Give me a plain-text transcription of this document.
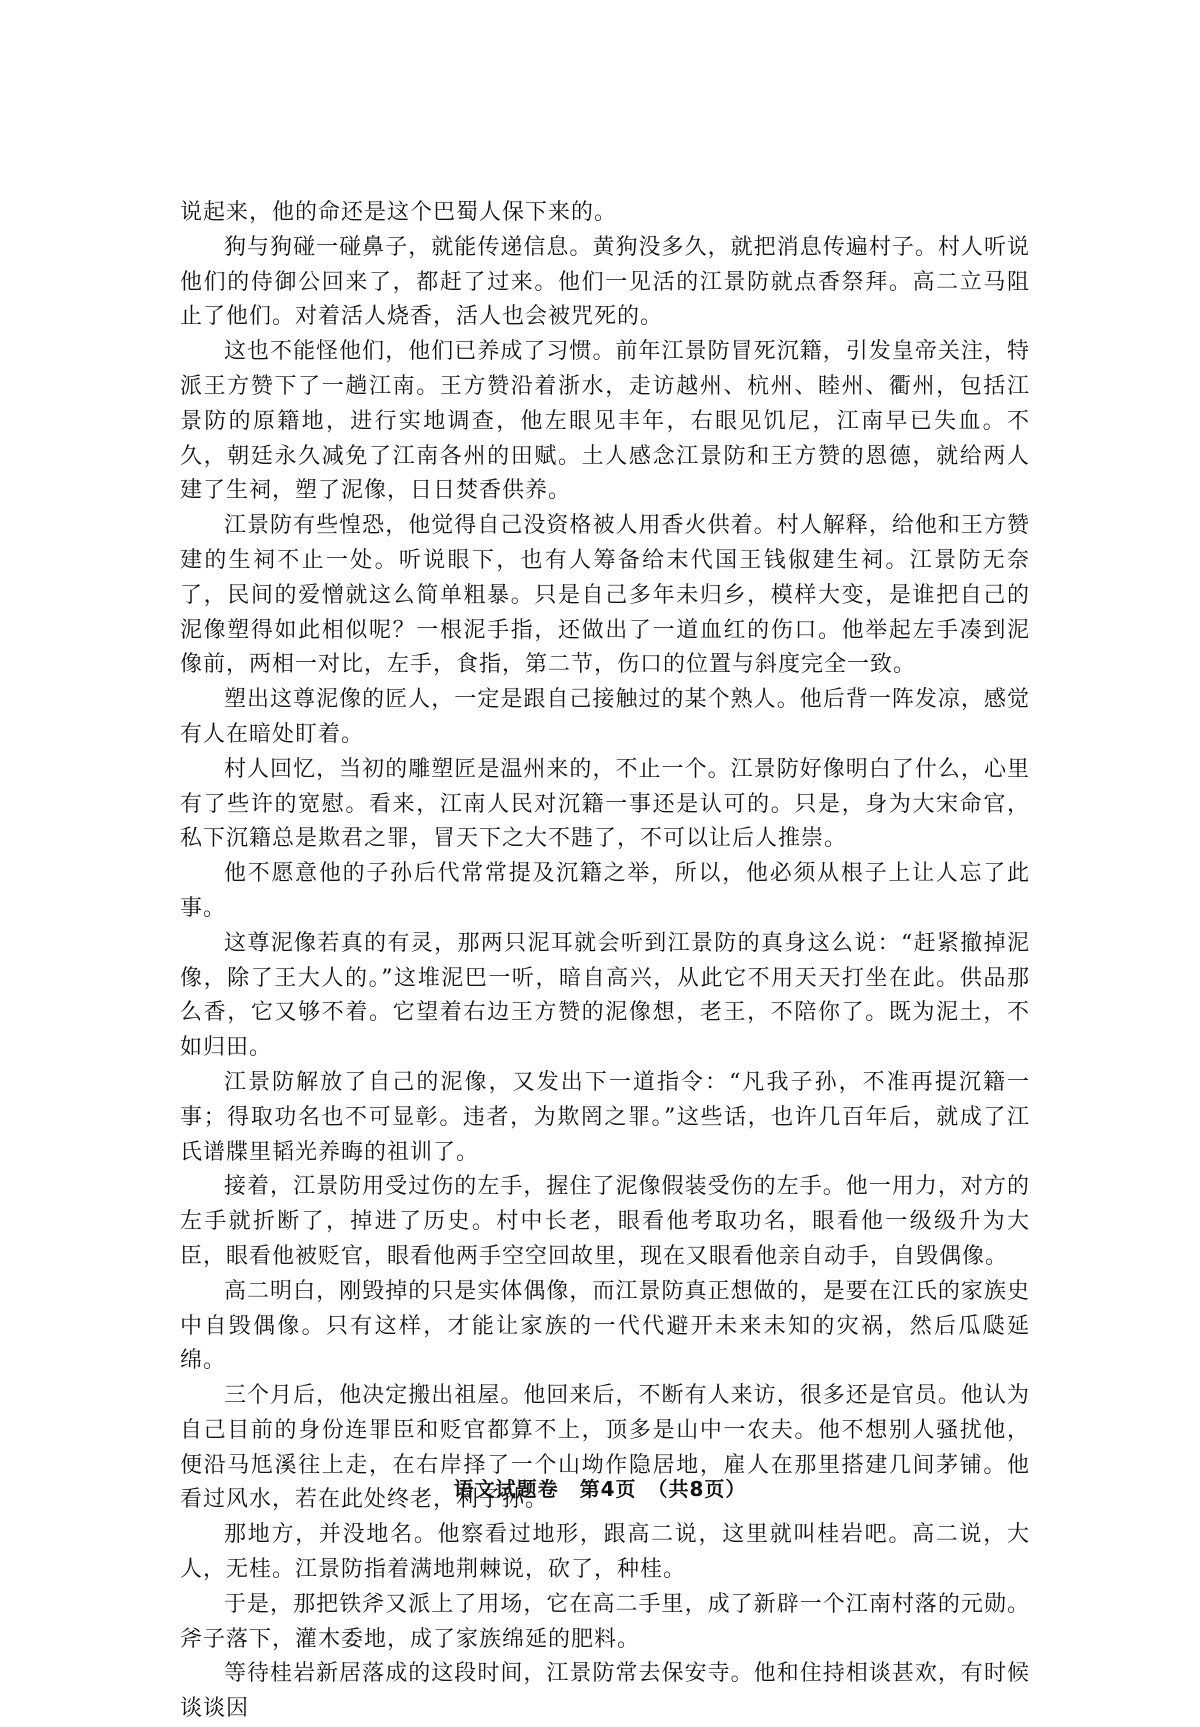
说起来，他的命还是这个巴蜀人保下来的。

狗与狗碰一碰鼻子，就能传递信息。黄狗没多久，就把消息传遍村子。村人听说他们的侍御公回来了，都赶了过来。他们一见活的江景防就点香祭拜。高二立马阻止了他们。对着活人烧香，活人也会被咒死的。

这也不能怪他们，他们已养成了习惯。前年江景防冒死沉籍，引发皇帝关注，特派王方赞下了一趟江南。王方赞沿着浙水，走访越州、杭州、睦州、衢州，包括江景防的原籍地，进行实地调查，他左眼见丰年，右眼见饥尼，江南早已失血。不久，朝廷永久减免了江南各州的田赋。土人感念江景防和王方赞的恩德，就给两人建了生祠，塑了泥像，日日焚香供养。

江景防有些惶恐，他觉得自己没资格被人用香火供着。村人解释，给他和王方赞建的生祠不止一处。听说眼下，也有人筹备给末代国王钱俶建生祠。江景防无奈了，民间的爱憎就这么简单粗暴。只是自己多年未归乡，模样大变，是谁把自己的泥像塑得如此相似呢？一根泥手指，还做出了一道血红的伤口。他举起左手凑到泥像前，两相一对比，左手，食指，第二节，伤口的位置与斜度完全一致。

塑出这尊泥像的匠人，一定是跟自己接触过的某个熟人。他后背一阵发凉，感觉有人在暗处盯着。

村人回忆，当初的雕塑匠是温州来的，不止一个。江景防好像明白了什么，心里有了些许的宽慰。看来，江南人民对沉籍一事还是认可的。只是，身为大宋命官，私下沉籍总是欺君之罪，冒天下之大不韪了，不可以让后人推崇。

他不愿意他的子孙后代常常提及沉籍之举，所以，他必须从根子上让人忘了此事。

这尊泥像若真的有灵，那两只泥耳就会听到江景防的真身这么说：“赶紧撤掉泥像，除了王大人的。”这堆泥巴一听，暗自高兴，从此它不用天天打坐在此。供品那么香，它又够不着。它望着右边王方赞的泥像想，老王，不陪你了。既为泥土，不如归田。

江景防解放了自己的泥像，又发出下一道指令：“凡我子孙，不准再提沉籍一事；得取功名也不可显彰。违者，为欺罔之罪。”这些话，也许几百年后，就成了江氏谱牒里韬光养晦的祖训了。

接着，江景防用受过伤的左手，握住了泥像假装受伤的左手。他一用力，对方的左手就折断了，掉进了历史。村中长老，眼看他考取功名，眼看他一级级升为大臣，眼看他被贬官，眼看他两手空空回故里，现在又眼看他亲自动手，自毁偶像。

高二明白，刚毁掉的只是实体偶像，而江景防真正想做的，是要在江氏的家族史中自毁偶像。只有这样，才能让家族的一代代避开未来未知的灾祸，然后瓜瓞延绵。

三个月后，他决定搬出祖屋。他回来后，不断有人来访，很多还是官员。他认为自己目前的身份连罪臣和贬官都算不上，顶多是山中一农夫。他不想别人骚扰他，便沿马尪溪往上走，在右岸择了一个山坳作隐居地，雇人在那里搭建几间茅铺。他看过风水，若在此处终老，利子孙。

那地方，并没地名。他察看过地形，跟高二说，这里就叫桂岩吧。高二说，大人，无桂。江景防指着满地荆棘说，砍了，种桂。

于是，那把铁斧又派上了用场，它在高二手里，成了新辟一个江南村落的元勋。斧子落下，灌木委地，成了家族绵延的肥料。

等待桂岩新居落成的这段时间，江景防常去保安寺。他和住持相谈甚欢，有时候谈谈因

语文试题卷　第4页　（共8页）
